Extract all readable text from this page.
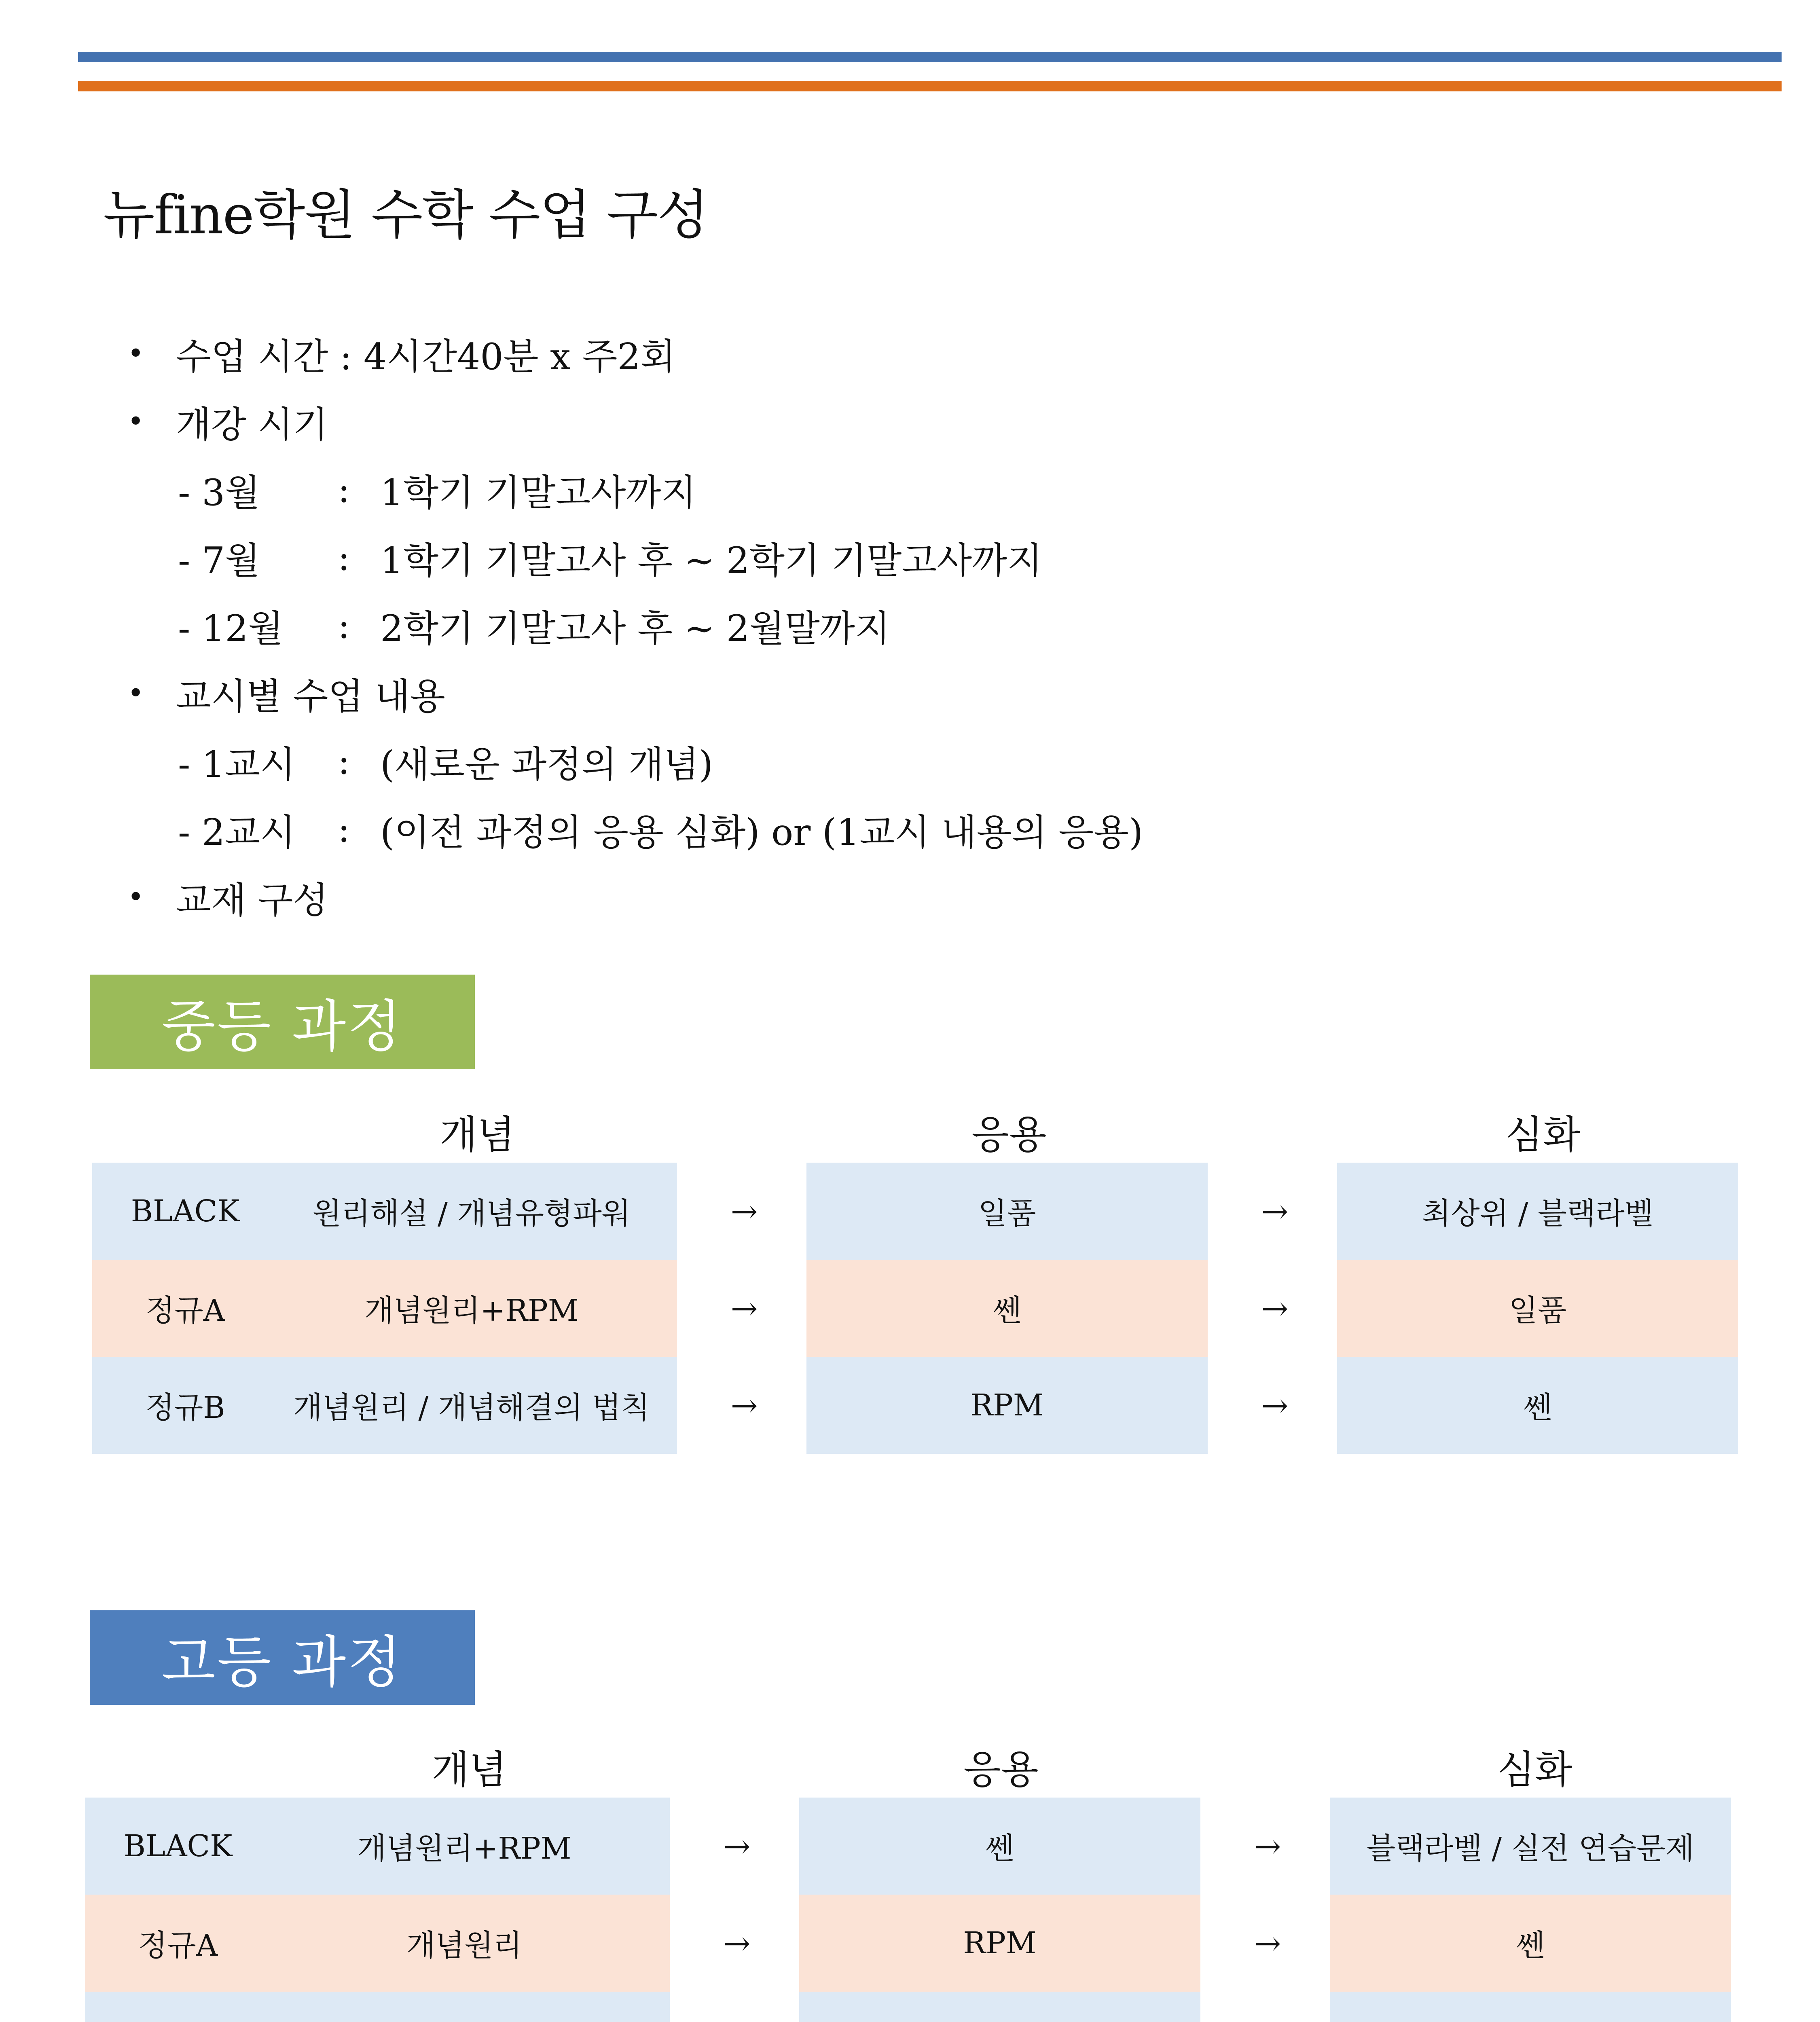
뉴fine학원 수학 수업 구성
• 수업 시간 : 4시간40분 x 주2회
• 개강 시기
- 3월 : 1학기 기말고사까지
- 7월 : 1학기 기말고사 후 ~ 2학기 기말고사까지
- 12월 : 2학기 기말고사 후 ~ 2월말까지
• 교시별 수업 내용
- 1교시 : (새로운 과정의 개념)
- 2교시 : (이전 과정의 응용 심화) or (1교시 내용의 응용)
• 교재 구성
중등 과정
개념	응용	심화
BLACK	원리해설 / 개념유형파워	→	일품	→	최상위 / 블랙라벨
정규A	개념원리+RPM	→	쎈	→	일품
정규B	개념원리 / 개념해결의 법칙	→	RPM	→	쎈
고등 과정
개념	응용	심화
BLACK	개념원리+RPM	→	쎈	→	블랙라벨 / 실전 연습문제
정규A	개념원리	→	RPM	→	쎈
